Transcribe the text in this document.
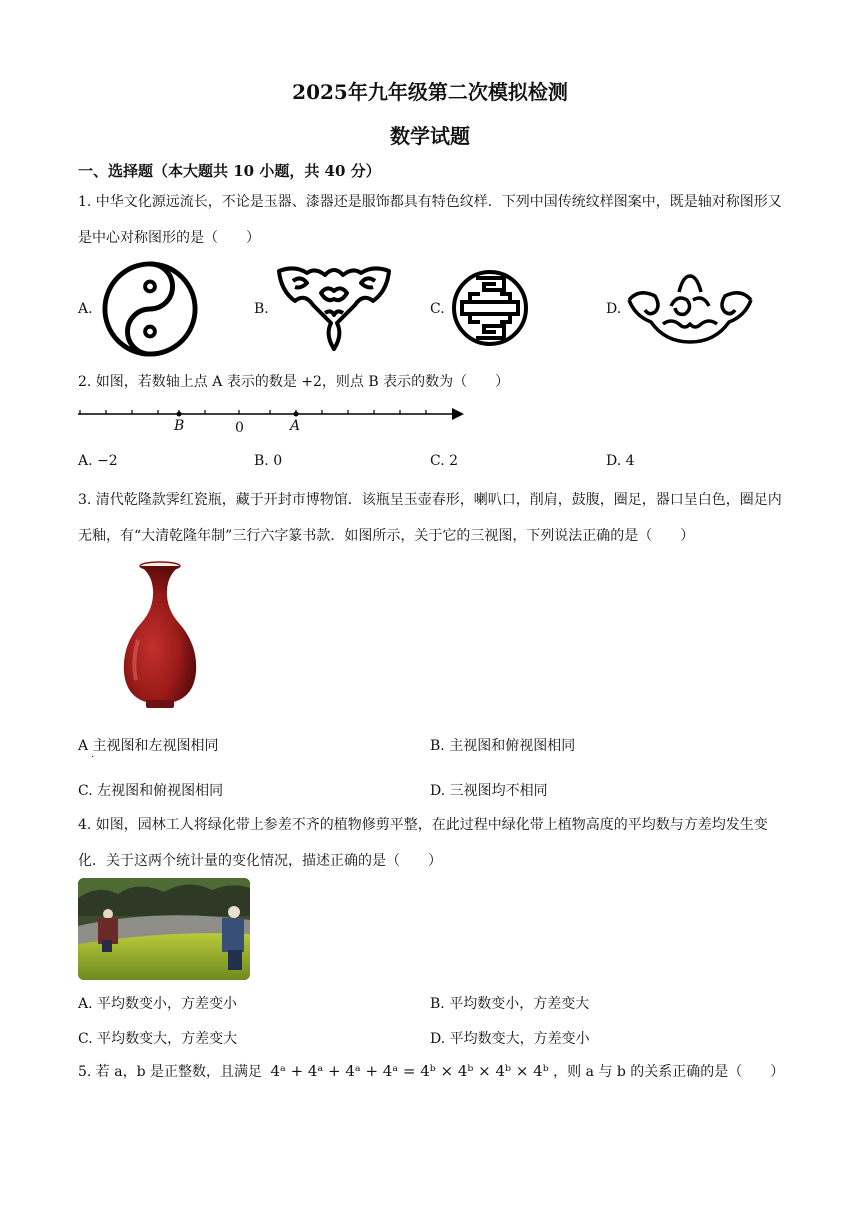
2025年九年级第二次模拟检测
数学试题
一、选择题（本大题共 10 小题，共 40 分）
1. 中华文化源远流长，不论是玉器、漆器还是服饰都具有特色纹样．下列中国传统纹样图案中，既是轴对称图形又是中心对称图形的是（　　）
A.	B.	C.	D.
2. 如图，若数轴上点 A 表示的数是 +2，则点 B 表示的数为（　　）
B	0	A
A. −2	B. 0	C. 2	D. 4
3. 清代乾隆款霁红瓷瓶，藏于开封市博物馆．该瓶呈玉壶春形，喇叭口，削肩，鼓腹，圈足，器口呈白色，圈足内无釉，有“大清乾隆年制”三行六字篆书款．如图所示，关于它的三视图，下列说法正确的是（　　）
A 主视图和左视图相同
·
B. 主视图和俯视图相同
C. 左视图和俯视图相同	D. 三视图均不相同
4. 如图，园林工人将绿化带上参差不齐的植物修剪平整，在此过程中绿化带上植物高度的平均数与方差均发生变化．关于这两个统计量的变化情况，描述正确的是（　　）
A. 平均数变小，方差变小	B. 平均数变小，方差变大
C. 平均数变大，方差变大	D. 平均数变大，方差变小
5. 若 a，b 是正整数，且满足 4ᵃ + 4ᵃ + 4ᵃ + 4ᵃ = 4ᵇ × 4ᵇ × 4ᵇ × 4ᵇ ，则 a 与 b 的关系正确的是（　　）
